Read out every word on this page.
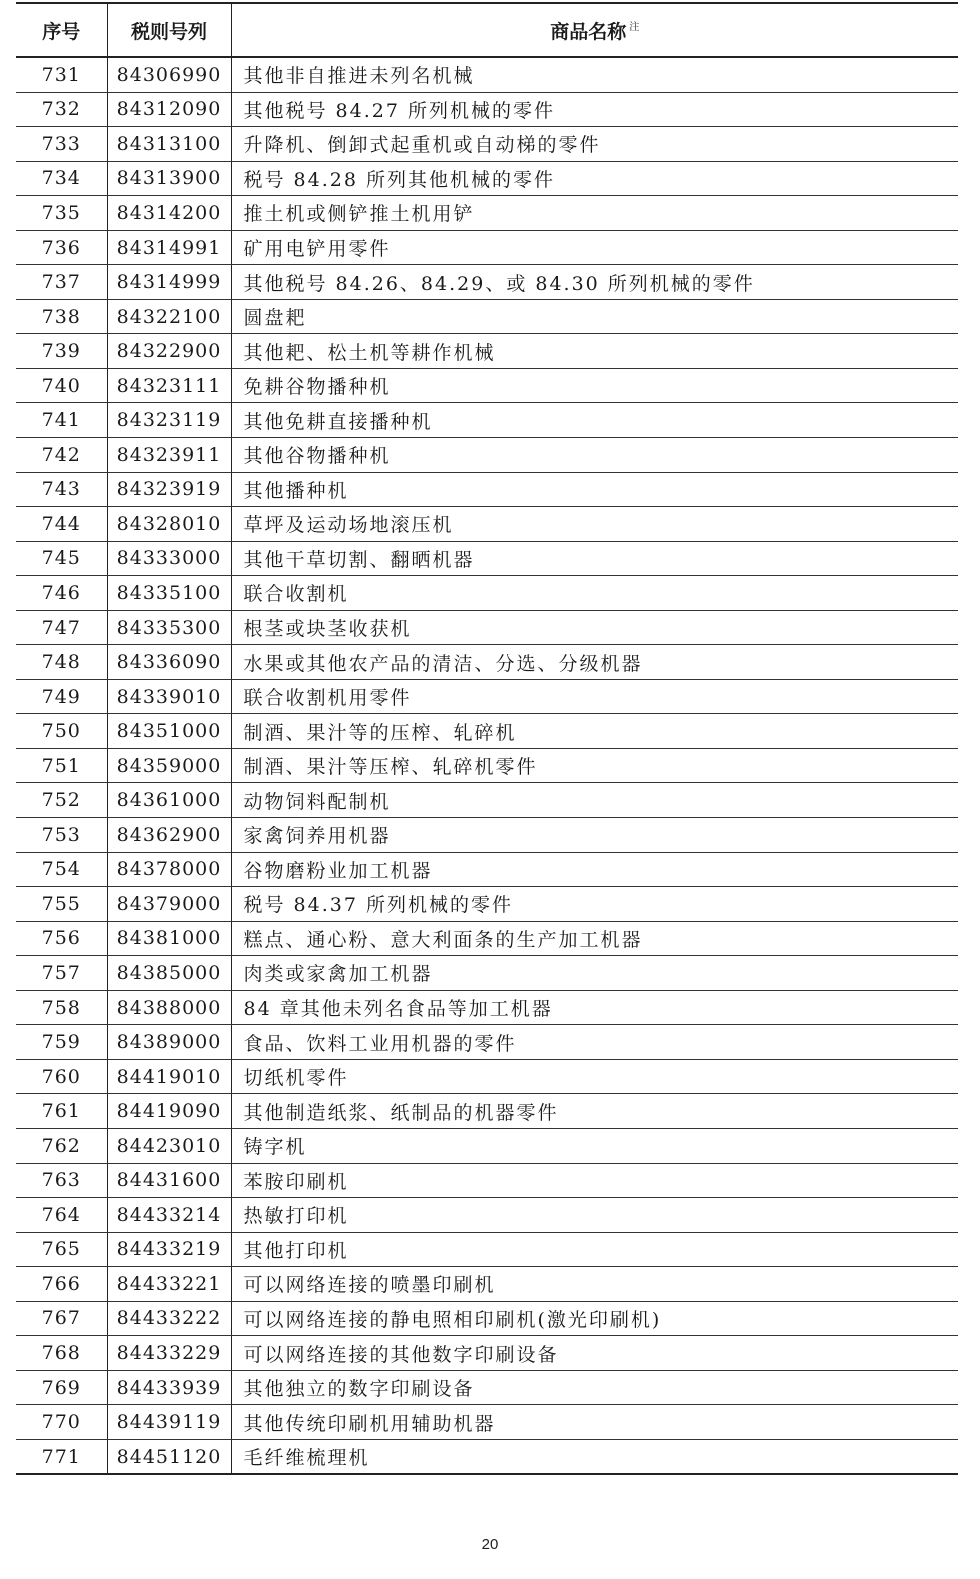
序号	税则号列	商品名称 $^注$
731	84306990	其他非自推进未列名机械
732	84312090	其他税号 84.27 所列机械的零件
733	84313100	升降机、倒卸式起重机或自动梯的零件
734	84313900	税号 84.28 所列其他机械的零件
735	84314200	推土机或侧铲推土机用铲
736	84314991	矿用电铲用零件
737	84314999	其他税号 84.26、84.29、或 84.30 所列机械的零件
738	84322100	圆盘耙
739	84322900	其他耙、松土机等耕作机械
740	84323111	免耕谷物播种机
741	84323119	其他免耕直接播种机
742	84323911	其他谷物播种机
743	84323919	其他播种机
744	84328010	草坪及运动场地滚压机
745	84333000	其他干草切割、翻晒机器
746	84335100	联合收割机
747	84335300	根茎或块茎收获机
748	84336090	水果或其他农产品的清洁、分选、分级机器
749	84339010	联合收割机用零件
750	84351000	制酒、果汁等的压榨、轧碎机
751	84359000	制酒、果汁等压榨、轧碎机零件
752	84361000	动物饲料配制机
753	84362900	家禽饲养用机器
754	84378000	谷物磨粉业加工机器
755	84379000	税号 84.37 所列机械的零件
756	84381000	糕点、通心粉、意大利面条的生产加工机器
757	84385000	肉类或家禽加工机器
758	84388000	84 章其他未列名食品等加工机器
759	84389000	食品、饮料工业用机器的零件
760	84419010	切纸机零件
761	84419090	其他制造纸浆、纸制品的机器零件
762	84423010	铸字机
763	84431600	苯胺印刷机
764	84433214	热敏打印机
765	84433219	其他打印机
766	84433221	可以网络连接的喷墨印刷机
767	84433222	可以网络连接的静电照相印刷机(激光印刷机)
768	84433229	可以网络连接的其他数字印刷设备
769	84433939	其他独立的数字印刷设备
770	84439119	其他传统印刷机用辅助机器
771	84451120	毛纤维梳理机
20
